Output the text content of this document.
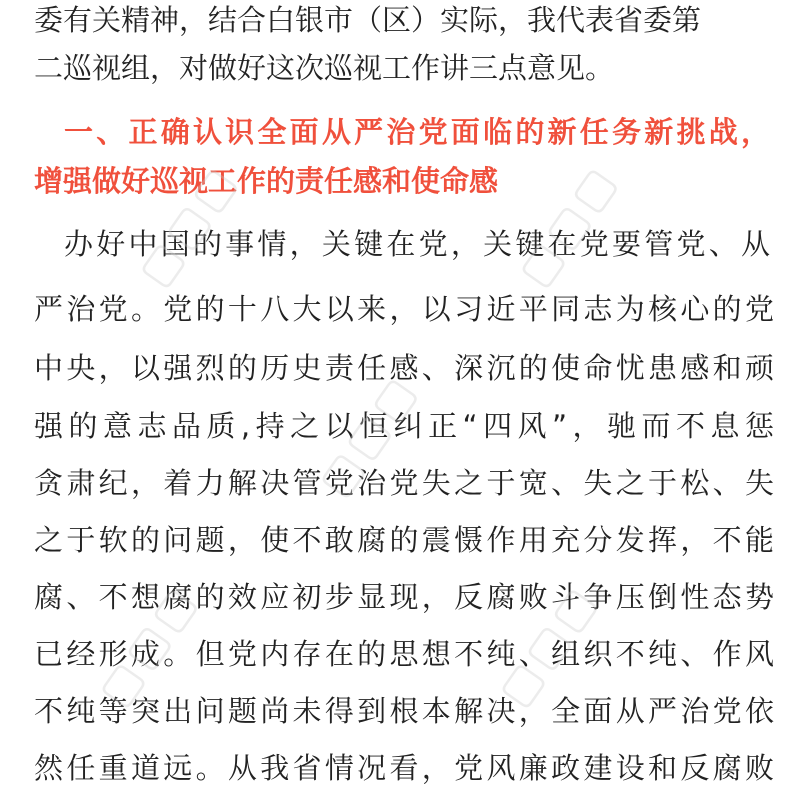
委有关精神，结合白银市（区）实际，我代表省委第
二巡视组，对做好这次巡视工作讲三点意见。
一、正确认识全面从严治党面临的新任务新挑战，
增强做好巡视工作的责任感和使命感
办好中国的事情，关键在党，关键在党要管党、从
严治党。党的十八大以来，以习近平同志为核心的党
中央，以强烈的历史责任感、深沉的使命忧患感和顽
强的意志品质,持之以恒纠正“四风”，驰而不息惩
贪肃纪，着力解决管党治党失之于宽、失之于松、失
之于软的问题，使不敢腐的震慑作用充分发挥，不能
腐、不想腐的效应初步显现，反腐败斗争压倒性态势
已经形成。但党内存在的思想不纯、组织不纯、作风
不纯等突出问题尚未得到根本解决，全面从严治党依
然任重道远。从我省情况看，党风廉政建设和反腐败
▢▢▢	▢▢▢
▢▢▢
▢▢▢	▢▢▢
